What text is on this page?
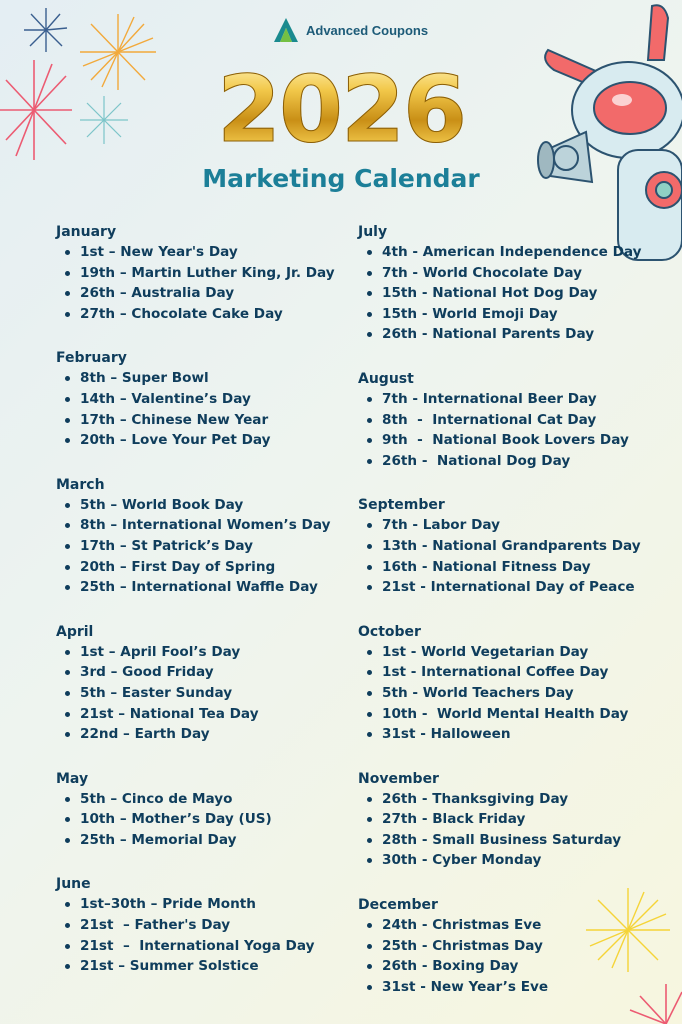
Advanced Coupons
2026
Marketing Calendar
January
1st – New Year's Day
19th – Martin Luther King, Jr. Day
26th – Australia Day
27th – Chocolate Cake Day
February
8th – Super Bowl
14th – Valentine’s Day
17th – Chinese New Year
20th – Love Your Pet Day
March
5th – World Book Day
8th – International Women’s Day
17th – St Patrick’s Day
20th – First Day of Spring
25th – International Waffle Day
April
1st – April Fool’s Day
3rd – Good Friday
5th – Easter Sunday
21st – National Tea Day
22nd – Earth Day
May
5th – Cinco de Mayo
10th – Mother’s Day (US)
25th – Memorial Day
June
1st–30th – Pride Month
21st  – Father's Day
21st  –  International Yoga Day
21st – Summer Solstice
July
4th - American Independence Day
7th - World Chocolate Day
15th - National Hot Dog Day
15th - World Emoji Day
26th - National Parents Day
August
7th - International Beer Day
8th  -  International Cat Day
9th  -  National Book Lovers Day
26th -  National Dog Day
September
7th - Labor Day
13th - National Grandparents Day
16th - National Fitness Day
21st - International Day of Peace
October
1st - World Vegetarian Day
1st - International Coffee Day
5th - World Teachers Day
10th -  World Mental Health Day
31st - Halloween
November
26th - Thanksgiving Day
27th - Black Friday
28th - Small Business Saturday
30th - Cyber Monday
December
24th - Christmas Eve
25th - Christmas Day
26th - Boxing Day
31st - New Year’s Eve
